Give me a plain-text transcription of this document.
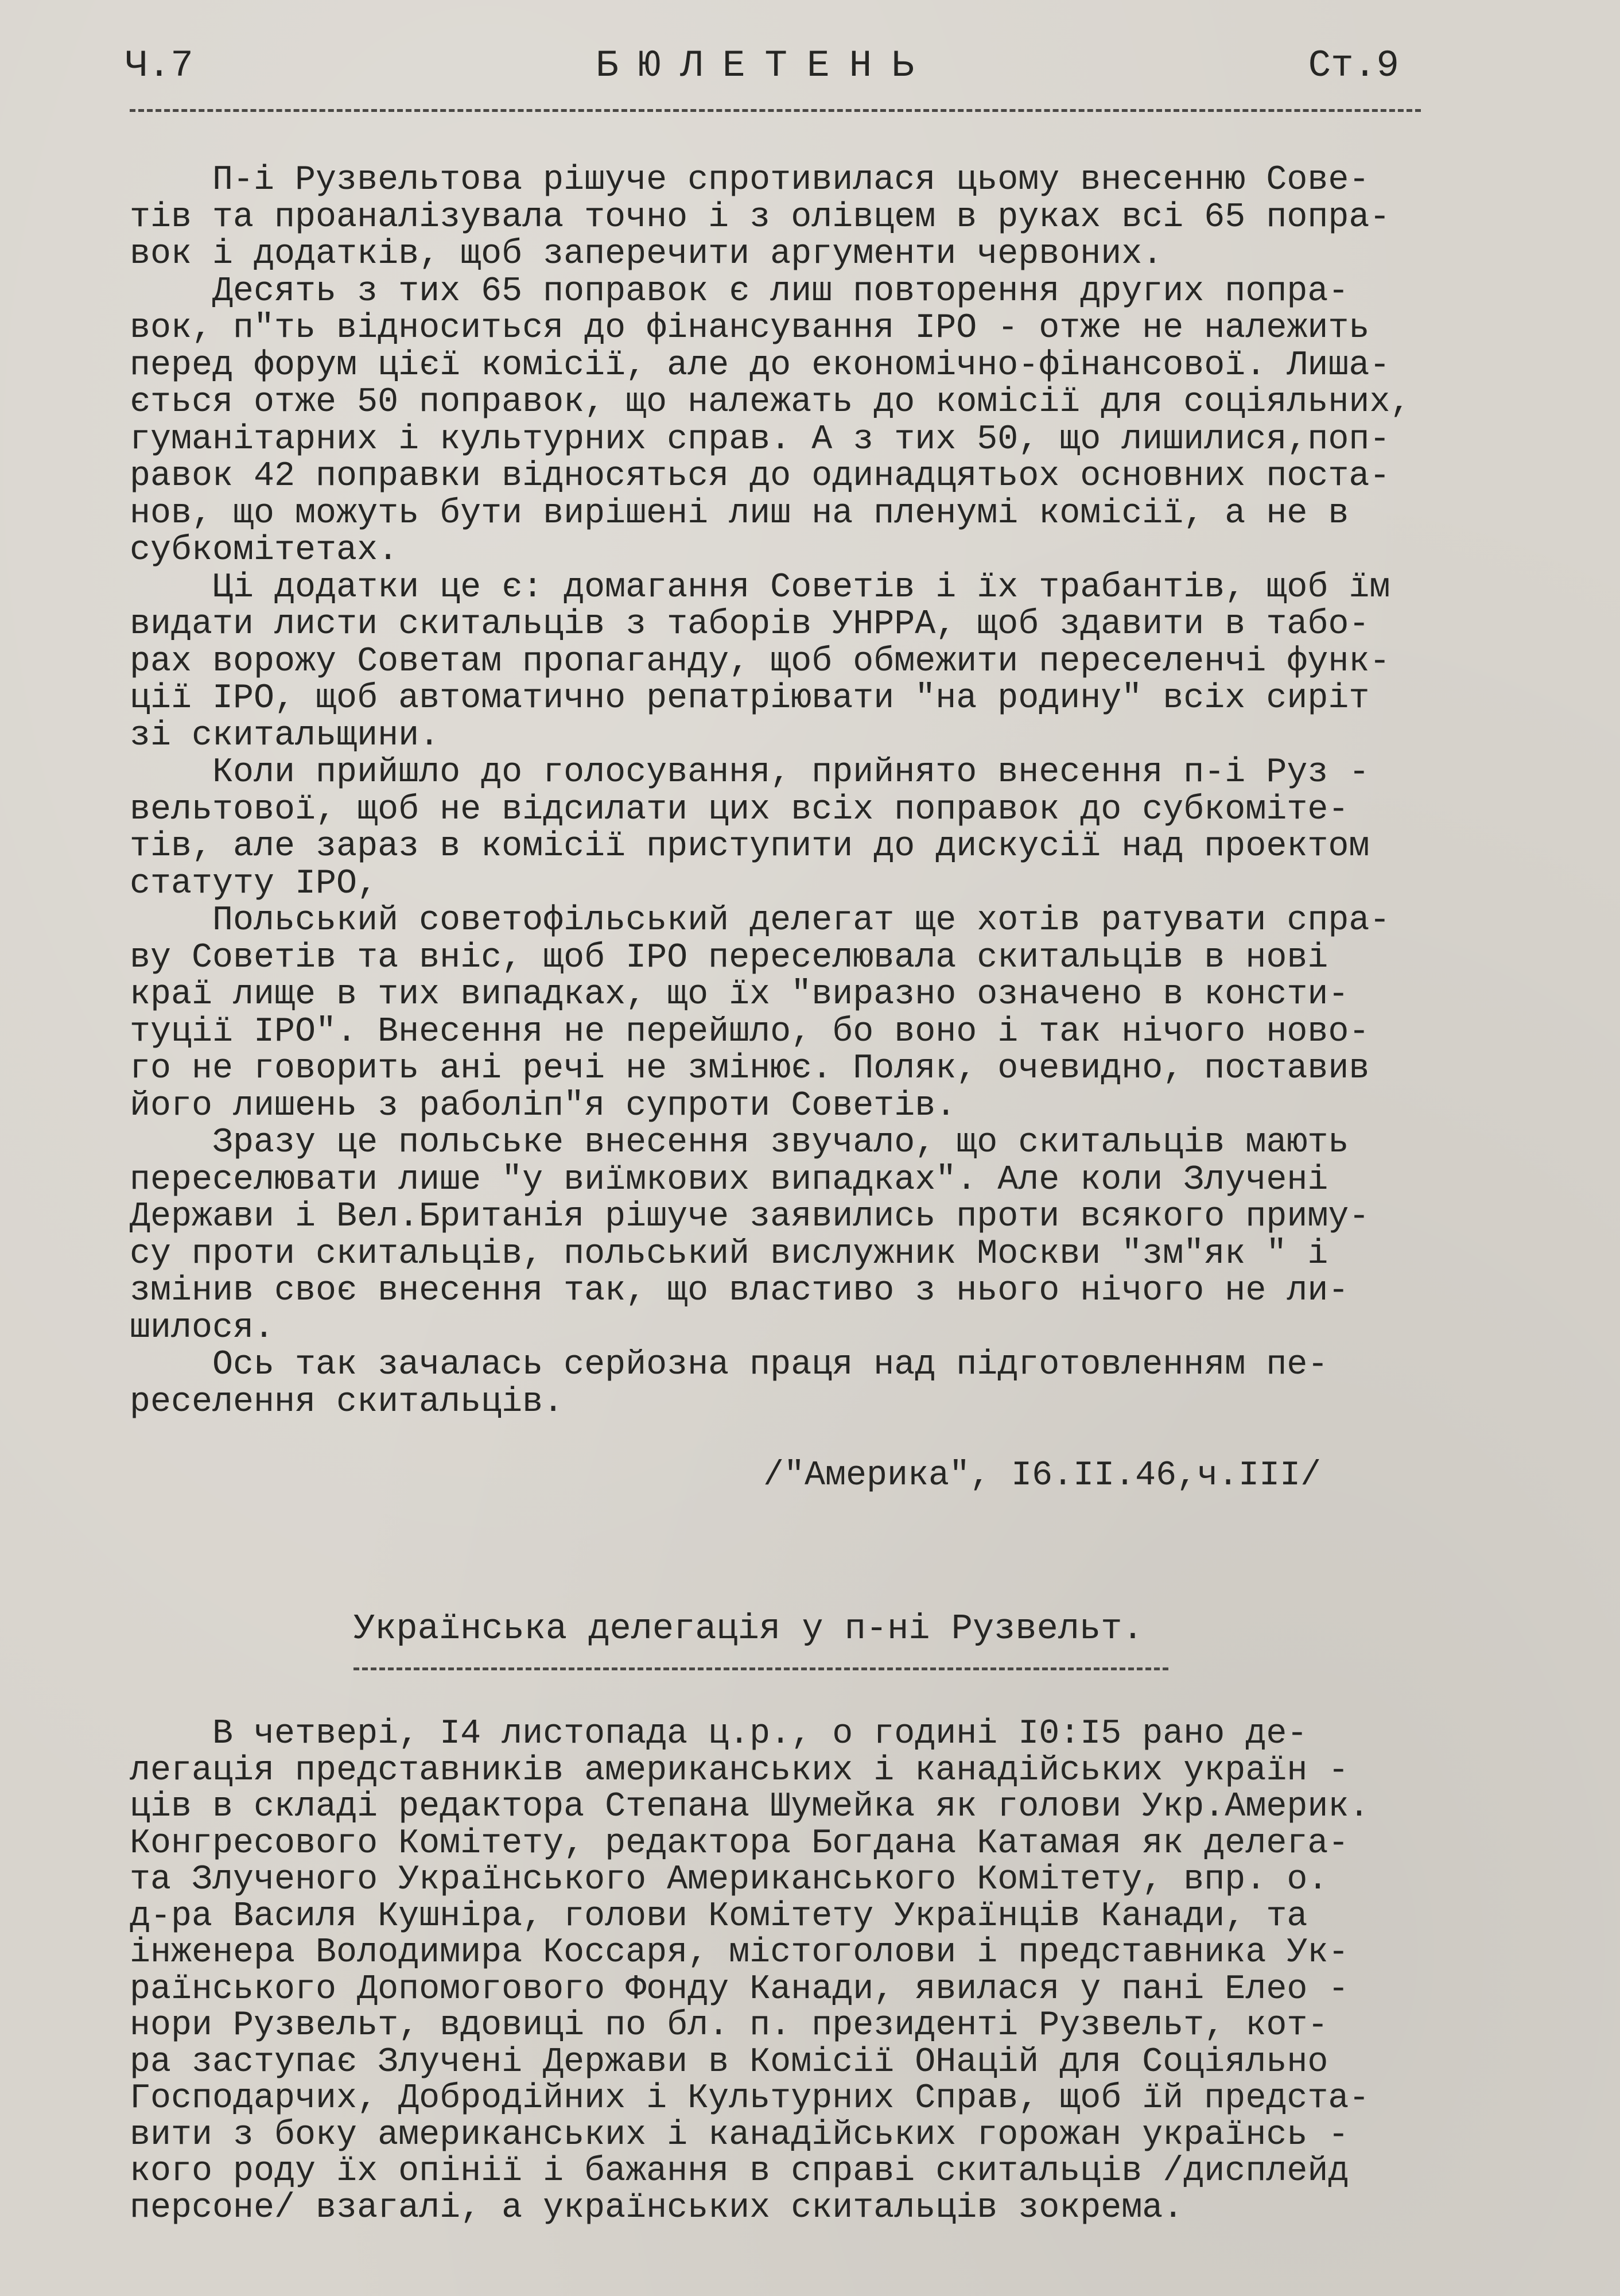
Ч.7	БЮЛЕТЕНЬ	Ст.9
П-і Рузвельтова рішуче спротивилася цьому внесенню Сове-
тів та проаналізувала точно і з олівцем в руках всі 65 попра-
вок і додатків, щоб заперечити аргументи червоних.
Десять з тих 65 поправок є лиш повторення других попра-
вок, п"ть відноситься до фінансування ІРО - отже не належить
перед форум цієї комісії, але до економічно-фінансової. Лиша-
ється отже 50 поправок, що належать до комісії для соціяльних,
гуманітарних і культурних справ. А з тих 50, що лишилися,поп-
равок 42 поправки відносяться до одинадцятьох основних поста-
нов, що можуть бути вирішені лиш на пленумі комісії, а не в
субкомітетах.
Ці додатки це є: домагання Советів і їх трабантів, щоб їм
видати листи скитальців з таборів УНРРА, щоб здавити в табо-
рах ворожу Советам пропаганду, щоб обмежити переселенчі функ-
ції ІРО, щоб автоматично репатріювати "на родину" всіх сиріт
зі скитальщини.
Коли прийшло до голосування, прийнято внесення п-і Руз -
вельтової, щоб не відсилати цих всіх поправок до субкоміте-
тів, але зараз в комісії приступити до дискусії над проектом
статуту ІРО,
Польський советофільський делегат ще хотів ратувати спра-
ву Советів та вніс, щоб ІРО переселювала скитальців в нові
краї лище в тих випадках, що їх "виразно означено в консти-
туції ІРО". Внесення не перейшло, бо воно і так нічого ново-
го не говорить ані речі не змінює. Поляк, очевидно, поставив
його лишень з раболіп"я супроти Советів.
Зразу це польське внесення звучало, що скитальців мають
переселювати лише "у виїмкових випадках". Але коли Злучені
Держави і Вел.Британія рішуче заявились проти всякого приму-
су проти скитальців, польський вислужник Москви "зм"як " і
змінив своє внесення так, що властиво з нього нічого не ли-
шилося.
Ось так зачалась серйозна праця над підготовленням пе-
реселення скитальців.
/"Америка", І6.ІІ.46,ч.ІІІ/
Українська делегація у п-ні Рузвельт.
В четвері, І4 листопада ц.р., о годині І0:І5 рано де-
легація представників американських і канадійських україн -
ців в складі редактора Степана Шумейка як голови Укр.Америк.
Конгресового Комітету, редактора Богдана Катамая як делега-
та Злученого Українського Американського Комітету, впр. о.
д-ра Василя Кушніра, голови Комітету Українців Канади, та
інженера Володимира Коссаря, містоголови і представника Ук-
раїнського Допомогового Фонду Канади, явилася у пані Елео -
нори Рузвельт, вдовиці по бл. п. президенті Рузвельт, кот-
ра заступає Злучені Держави в Комісії ОНацій для Соціяльно
Господарчих, Добродійних і Культурних Справ, щоб їй предста-
вити з боку американських і канадійських горожан українсь -
кого роду їх опінії і бажання в справі скитальців /дисплейд
персоне/ взагалі, а українських скитальців зокрема.
